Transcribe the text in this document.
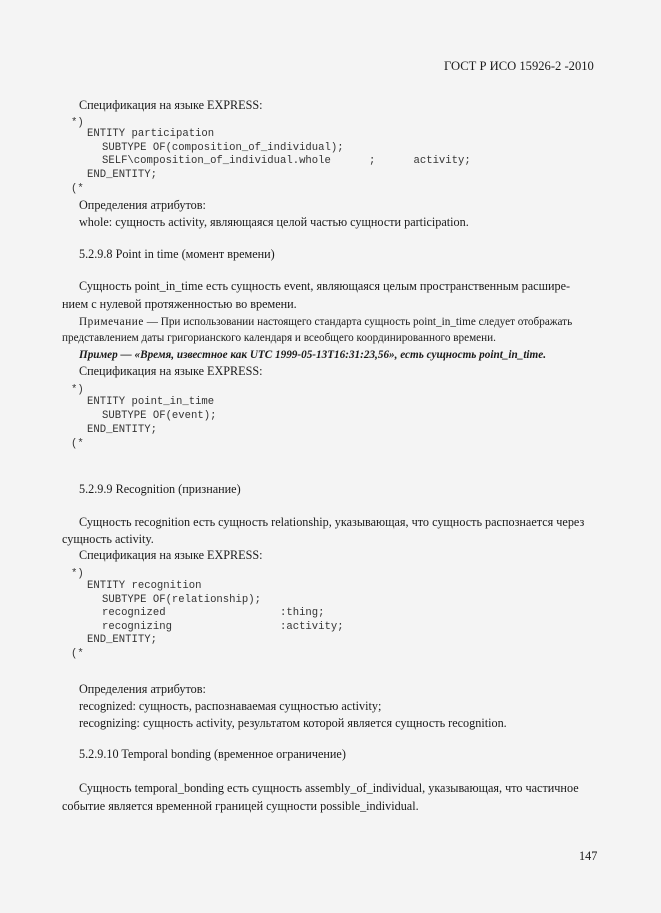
ГОСТ Р ИСО 15926-2 -2010
Спецификация на языке EXPRESS:
*)
ENTITY participation
SUBTYPE OF(composition_of_individual);
SELF\composition_of_individual.whole      ;      activity;
END_ENTITY;
(*
Определения атрибутов:
whole: сущность activity, являющаяся целой частью сущности participation.
5.2.9.8 Point in time (момент времени)
Сущность point_in_time есть сущность event, являющаяся целым пространственным расшире-
нием с нулевой протяженностью во времени.
Примечание — При использовании настоящего стандарта сущность point_in_time следует отображать
представлением даты григорианского календаря и всеобщего координированного времени.
Пример — «Время, известное как UTC 1999-05-13T16:31:23,56», есть сущность point_in_time.
Спецификация на языке EXPRESS:
*)
ENTITY point_in_time
SUBTYPE OF(event);
END_ENTITY;
(*
5.2.9.9 Recognition (признание)
Сущность recognition есть сущность relationship, указывающая, что сущность распознается через
сущность activity.
Спецификация на языке EXPRESS:
*)
ENTITY recognition
SUBTYPE OF(relationship);
recognized                  :thing;
recognizing                 :activity;
END_ENTITY;
(*
Определения атрибутов:
recognized: сущность, распознаваемая сущностью activity;
recognizing: сущность activity, результатом которой является сущность recognition.
5.2.9.10 Temporal bonding (временное ограничение)
Сущность temporal_bonding есть сущность assembly_of_individual, указывающая, что частичное
событие является временной границей сущности possible_individual.
147
